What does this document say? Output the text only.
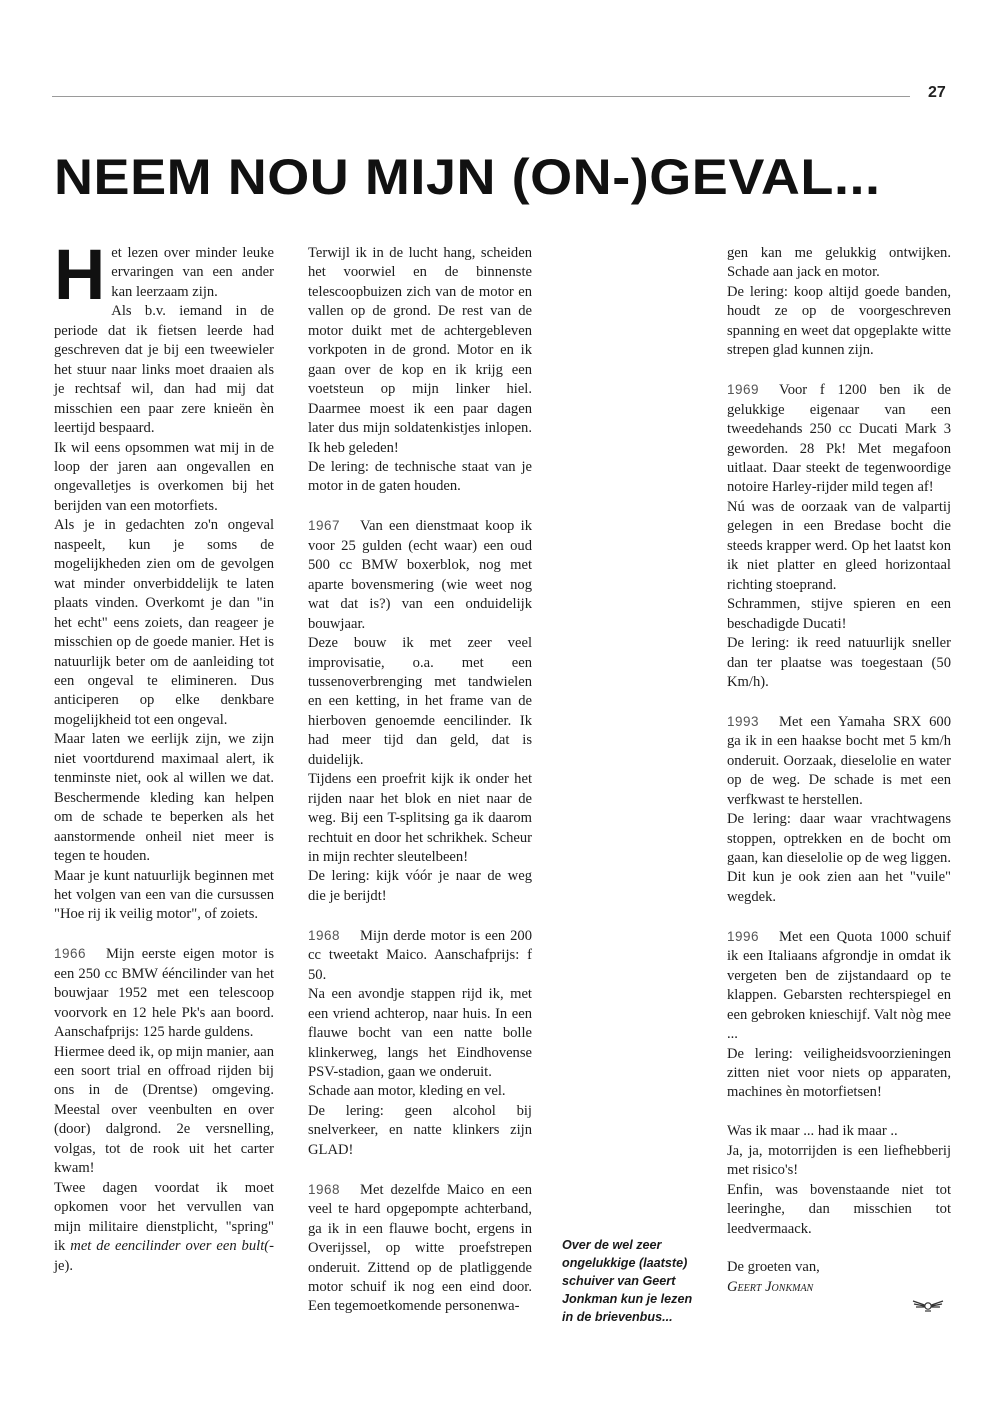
27
NEEM NOU MIJN (ON-)GEVAL...

Het lezen over minder leuke ervaringen van een ander kan leerzaam zijn.

Als b.v. iemand in de periode dat ik fietsen leerde had geschreven dat je bij een tweewieler het stuur naar links moet draaien als je rechtsaf wil, dan had mij dat misschien een paar zere knieën èn leertijd bespaard.

Ik wil eens opsommen wat mij in de loop der jaren aan ongevallen en ongevalletjes is overkomen bij het berijden van een motorfiets.

Als je in gedachten zo'n ongeval naspeelt, kun je soms de mogelijkheden zien om de gevolgen wat minder onverbiddelijk te laten plaats vinden. Overkomt je dan "in het echt" eens zoiets, dan reageer je misschien op de goede manier. Het is natuurlijk beter om de aanleiding tot een ongeval te elimineren. Dus anticiperen op elke denkbare mogelijkheid tot een ongeval.

Maar laten we eerlijk zijn, we zijn niet voortdurend maximaal alert, ik tenminste niet, ook al willen we dat. Beschermende kleding kan helpen om de schade te beperken als het aanstormende onheil niet meer is tegen te houden.

Maar je kunt natuurlijk beginnen met het volgen van een van die cursussen "Hoe rij ik veilig motor", of zoiets.

1966 Mijn eerste eigen motor is een 250 cc BMW ééncilinder van het bouwjaar 1952 met een telescoop voorvork en 12 hele Pk's aan boord. Aanschafprijs: 125 harde guldens.

Hiermee deed ik, op mijn manier, aan een soort trial en offroad rijden bij ons in de (Drentse) omgeving. Meestal over veenbulten en over (door) dalgrond. 2e versnelling, volgas, tot de rook uit het carter kwam!

Twee dagen voordat ik moet opkomen voor het vervullen van mijn militaire dienstplicht, "spring" ik met de eencilinder over een bult(-je).

Terwijl ik in de lucht hang, scheiden het voorwiel en de binnenste telescoopbuizen zich van de motor en vallen op de grond. De rest van de motor duikt met de achtergebleven vorkpoten in de grond. Motor en ik gaan over de kop en ik krijg een voetsteun op mijn linker hiel. Daarmee moest ik een paar dagen later dus mijn soldatenkistjes inlopen. Ik heb geleden!

De lering: de technische staat van je motor in de gaten houden.

1967 Van een dienstmaat koop ik voor 25 gulden (echt waar) een oud 500 cc BMW boxerblok, nog met aparte bovensmering (wie weet nog wat dat is?) van een onduidelijk bouwjaar.

Deze bouw ik met zeer veel improvisatie, o.a. met een tussenoverbrenging met tandwielen en een ketting, in het frame van de hierboven genoemde eencilinder. Ik had meer tijd dan geld, dat is duidelijk.

Tijdens een proefrit kijk ik onder het rijden naar het blok en niet naar de weg. Bij een T-splitsing ga ik daarom rechtuit en door het schrikhek. Scheur in mijn rechter sleutelbeen!

De lering: kijk vóór je naar de weg die je berijdt!

1968 Mijn derde motor is een 200 cc tweetakt Maico. Aanschafprijs: f 50.

Na een avondje stappen rijd ik, met een vriend achterop, naar huis. In een flauwe bocht van een natte bolle klinkerweg, langs het Eindhovense PSV-stadion, gaan we onderuit.

Schade aan motor, kleding en vel.

De lering: geen alcohol bij snelverkeer, en natte klinkers zijn GLAD!

1968 Met dezelfde Maico en een veel te hard opgepompte achterband, ga ik in een flauwe bocht, ergens in Overijssel, op witte proefstrepen onderuit. Zittend op de platliggende motor schuif ik nog een eind door. Een tegemoetkomende personenwa-

gen kan me gelukkig ontwijken. Schade aan jack en motor.

De lering: koop altijd goede banden, houdt ze op de voorgeschreven spanning en weet dat opgeplakte witte strepen glad kunnen zijn.

1969 Voor f 1200 ben ik de gelukkige eigenaar van een tweedehands 250 cc Ducati Mark 3 geworden. 28 Pk! Met megafoon uitlaat. Daar steekt de tegenwoordige notoire Harley-rijder mild tegen af!

Nú was de oorzaak van de valpartij gelegen in een Bredase bocht die steeds krapper werd. Op het laatst kon ik niet platter en gleed horizontaal richting stoeprand.

Schrammen, stijve spieren en een beschadigde Ducati!

De lering: ik reed natuurlijk sneller dan ter plaatse was toegestaan (50 Km/h).

1993 Met een Yamaha SRX 600 ga ik in een haakse bocht met 5 km/h onderuit. Oorzaak, dieselolie en water op de weg. De schade is met een verfkwast te herstellen.

De lering: daar waar vrachtwagens stoppen, optrekken en de bocht om gaan, kan dieselolie op de weg liggen. Dit kun je ook zien aan het "vuile" wegdek.

1996 Met een Quota 1000 schuif ik een Italiaans afgrondje in omdat ik vergeten ben de zijstandaard op te klappen. Gebarsten rechterspiegel en een gebroken knieschijf. Valt nòg mee ...

De lering: veiligheidsvoorzieningen zitten niet voor niets op apparaten, machines èn motorfietsen!

Was ik maar ... had ik maar ..

Ja, ja, motorrijden is een liefhebberij met risico's!

Enfin, was bovenstaande niet tot leeringhe, dan misschien tot leedvermaack.

De groeten van,

Geert Jonkman

Over de wel zeer ongelukkige (laatste) schuiver van Geert Jonkman kun je lezen in de brievenbus...
